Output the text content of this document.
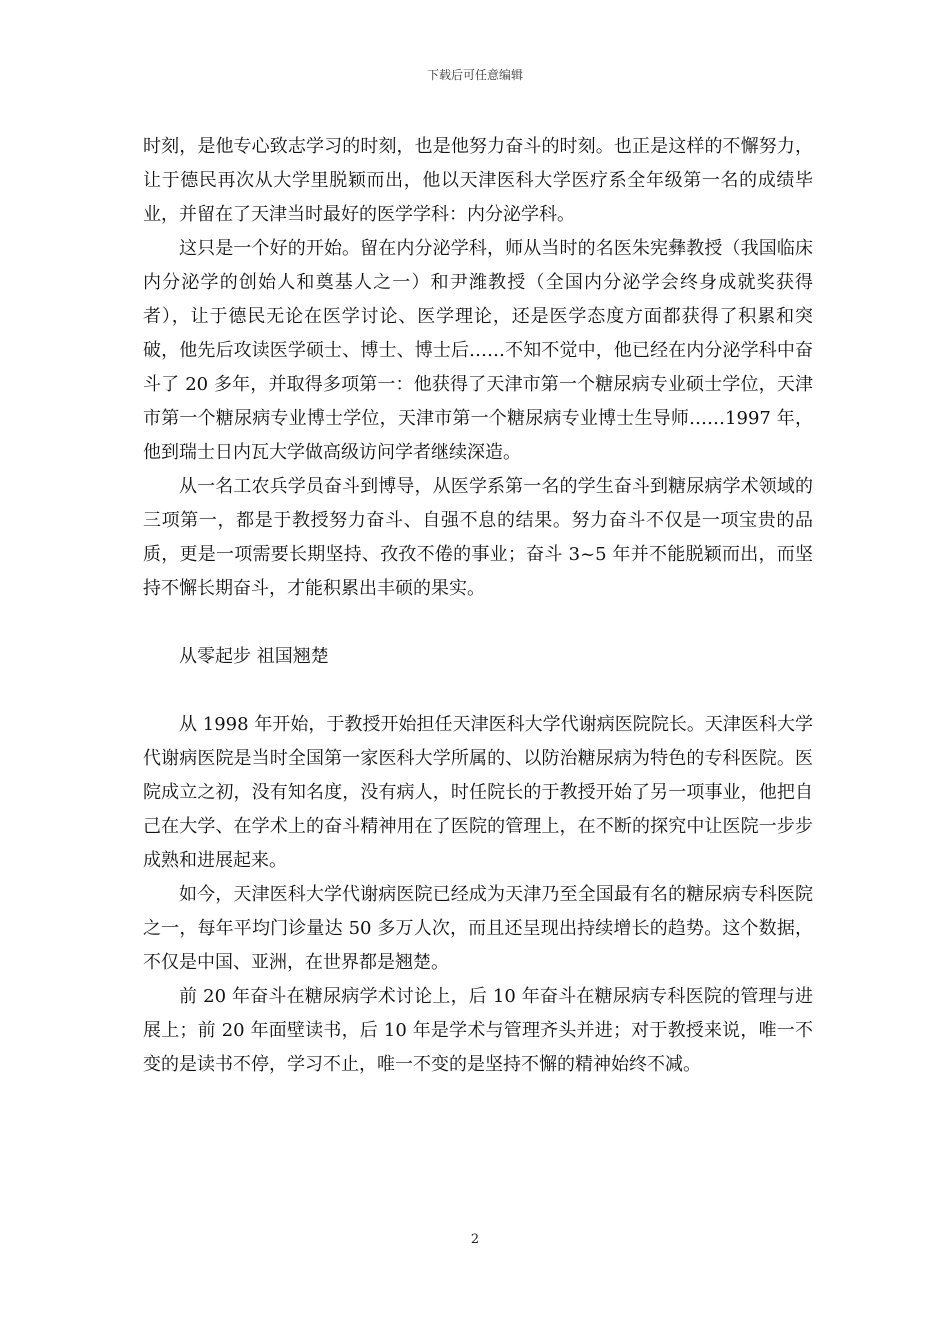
下载后可任意编辑

时刻，是他专心致志学习的时刻，也是他努力奋斗的时刻。也正是这样的不懈努力，让于德民再次从大学里脱颖而出，他以天津医科大学医疗系全年级第一名的成绩毕业，并留在了天津当时最好的医学学科：内分泌学科。

这只是一个好的开始。留在内分泌学科，师从当时的名医朱宪彝教授（我国临床内分泌学的创始人和奠基人之一）和尹潍教授（全国内分泌学会终身成就奖获得者），让于德民无论在医学讨论、医学理论，还是医学态度方面都获得了积累和突破，他先后攻读医学硕士、博士、博士后……不知不觉中，他已经在内分泌学科中奋斗了 20 多年，并取得多项第一：他获得了天津市第一个糖尿病专业硕士学位，天津市第一个糖尿病专业博士学位，天津市第一个糖尿病专业博士生导师……1997 年，他到瑞士日内瓦大学做高级访问学者继续深造。

从一名工农兵学员奋斗到博导，从医学系第一名的学生奋斗到糖尿病学术领域的三项第一，都是于教授努力奋斗、自强不息的结果。努力奋斗不仅是一项宝贵的品质，更是一项需要长期坚持、孜孜不倦的事业；奋斗 3~5 年并不能脱颖而出，而坚持不懈长期奋斗，才能积累出丰硕的果实。

从零起步 祖国翘楚

从 1998 年开始，于教授开始担任天津医科大学代谢病医院院长。天津医科大学代谢病医院是当时全国第一家医科大学所属的、以防治糖尿病为特色的专科医院。医院成立之初，没有知名度，没有病人，时任院长的于教授开始了另一项事业，他把自己在大学、在学术上的奋斗精神用在了医院的管理上，在不断的探究中让医院一步步成熟和进展起来。

如今，天津医科大学代谢病医院已经成为天津乃至全国最有名的糖尿病专科医院之一，每年平均门诊量达 50 多万人次，而且还呈现出持续增长的趋势。这个数据，不仅是中国、亚洲，在世界都是翘楚。

前 20 年奋斗在糖尿病学术讨论上，后 10 年奋斗在糖尿病专科医院的管理与进展上；前 20 年面壁读书，后 10 年是学术与管理齐头并进；对于教授来说，唯一不变的是读书不停，学习不止，唯一不变的是坚持不懈的精神始终不减。

2
